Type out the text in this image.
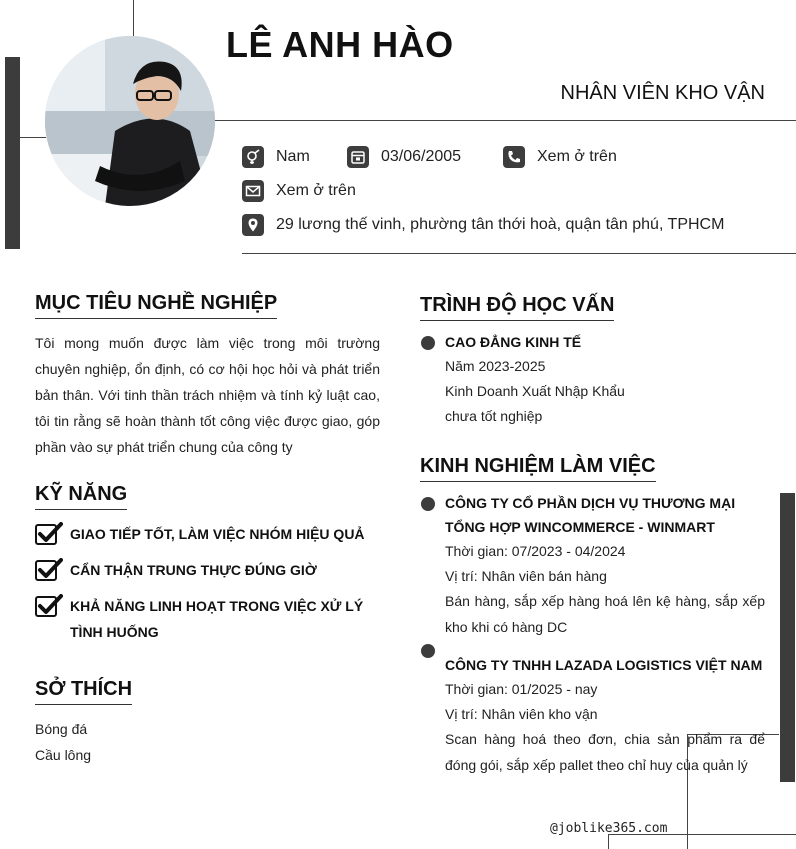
LÊ ANH HÀO
NHÂN VIÊN KHO VẬN
Nam	03/06/2005	Xem ở trên
Xem ở trên
29 lương thế vinh, phường tân thới hoà, quận tân phú, TPHCM
MỤC TIÊU NGHỀ NGHIỆP
Tôi mong muốn được làm việc trong môi trường chuyên nghiệp, ổn định, có cơ hội học hỏi và phát triển bản thân. Với tinh thần trách nhiệm và tính kỷ luật cao, tôi tin rằng sẽ hoàn thành tốt công việc được giao, góp phần vào sự phát triển chung của công ty
KỸ NĂNG
GIAO TIẾP TỐT, LÀM VIỆC NHÓM HIỆU QUẢ
CẨN THẬN TRUNG THỰC ĐÚNG GIỜ
KHẢ NĂNG LINH HOẠT TRONG VIỆC XỬ LÝ TÌNH HUỐNG
SỞ THÍCH
Bóng đá
Cầu lông
TRÌNH ĐỘ HỌC VẤN
CAO ĐẲNG KINH TẾ
Năm 2023-2025
Kinh Doanh Xuất Nhập Khẩu
chưa tốt nghiệp
KINH NGHIỆM LÀM VIỆC
CÔNG TY CỔ PHẦN DỊCH VỤ THƯƠNG MẠI TỔNG HỢP WINCOMMERCE - WINMART
Thời gian: 07/2023 - 04/2024
Vị trí: Nhân viên bán hàng
Bán hàng, sắp xếp hàng hoá lên kệ hàng, sắp xếp kho khi có hàng DC
CÔNG TY TNHH LAZADA LOGISTICS VIỆT NAM
Thời gian: 01/2025 - nay
Vị trí: Nhân viên kho vận
Scan hàng hoá theo đơn, chia sản phẩm ra để đóng gói, sắp xếp pallet theo chỉ huy của quản lý
@joblike365.com
